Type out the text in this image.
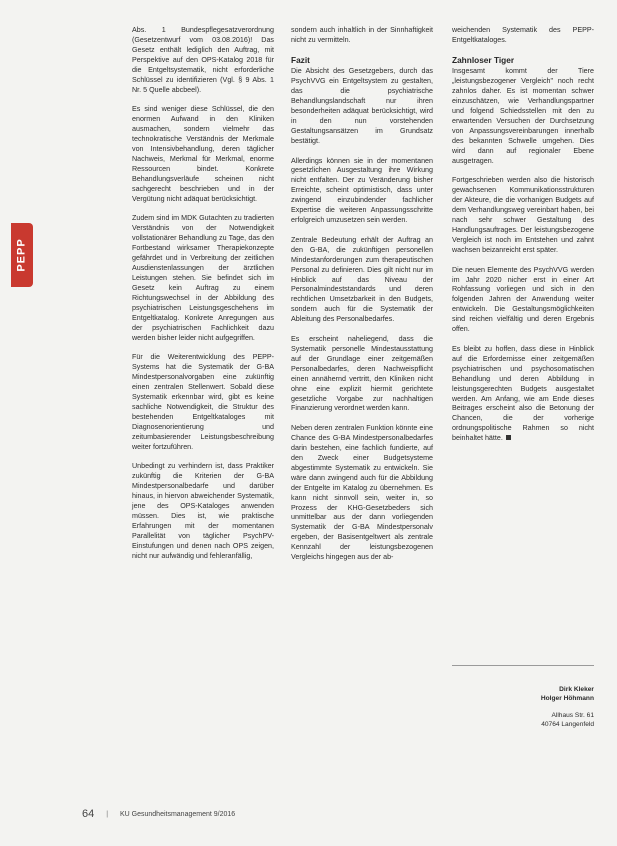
PEPP

Abs. 1 Bundespflegesatzverordnung (Gesetzentwurf vom 03.08.2016)! Das Gesetz enthält lediglich den Auftrag, mit Perspektive auf den OPS-Katalog 2018 für die Entgeltsystematik, nicht erforderliche Schlüssel zu identifizieren (Vgl. § 9 Abs. 1 Nr. 5 Quelle abcbeel).

Es sind weniger diese Schlüssel, die den enormen Aufwand in den Kliniken ausmachen, sondern vielmehr das technokratische Verständnis der Merkmale von Intensivbehandlung, deren täglicher Nachweis, Merkmal für Merkmal, enorme Ressourcen bindet. Konkrete Behandlungsverläufe scheinen nicht sachgerecht beschrieben und in der Vergütung nicht adäquat berücksichtigt.

Zudem sind im MDK Gutachten zu tradierten Verständnis von der Notwendigkeit vollstationärer Behandlung zu Tage, das den Fortbestand wirksamer Therapiekonzepte gefährdet und in Verbreitung der zeitlichen Ausdienstenlassungen der ärztlichen Leistungen stehen. Sie befindet sich im Gesetz kein Auftrag zu einem Richtungswechsel in der Abbildung des psychiatrischen Leistungsgeschehens im Entgeltkatalog. Konkrete Anregungen aus der psychiatrischen Fachlichkeit dazu werden bisher leider nicht aufgegriffen.

Für die Weiterentwicklung des PEPP-Systems hat die Systematik der G-BA Mindestpersonalvorgaben eine zukünftig einen zentralen Stellenwert. Sobald diese Systematik erkennbar wird, gibt es keine sachliche Notwendigkeit, die Struktur des bestehenden Entgeltkataloges mit Diagnosenorientierung und zeitumbasierender Leistungsbeschreibung weiter fortzuführen.

Unbedingt zu verhindern ist, dass Praktiker zukünftig die Kriterien der G-BA Mindestpersonalbedarfe und darüber hinaus, in hiervon abweichender Systematik, jene des OPS-Kataloges anwenden müssen. Dies ist, wie praktische Erfahrungen mit der momentanen Parallelität von täglicher PsychPV-Einstufungen und denen nach OPS zeigen, nicht nur aufwändig und fehleranfällig,

sondern auch inhaltlich in der Sinnhaftigkeit nicht zu vermitteln.

Fazit

Die Absicht des Gesetzgebers, durch das PsychVVG ein Entgeltsystem zu gestalten, das die psychiatrische Behandlungslandschaft nur ihren besonderheiten adäquat berücksichtigt, wird in den nun vorstehenden Gestaltungsansätzen im Grundsatz bestätigt.

Allerdings können sie in der momentanen gesetzlichen Ausgestaltung ihre Wirkung nicht entfalten. Der zu Veränderung bisher Erreichte, scheint optimistisch, dass unter zwingend einzubindender fachlicher Expertise die weiteren Anpassungsschritte erfolgreich umzusetzen sein werden.

Zentrale Bedeutung erhält der Auftrag an den G-BA, die zukünftigen personellen Mindestanforderungen zum therapeutischen Personal zu definieren. Dies gilt nicht nur im Hinblick auf das Niveau der Personalmindeststandards und deren rechtlichen Umsetzbarkeit in den Budgets, sondern auch für die Systematik der Ableitung des Personalbedarfes.

Es erscheint naheliegend, dass die Systematik personelle Mindestausstattung auf der Grundlage einer zeitgemäßen Personalbedarfes, deren Nachweispflicht einen annähernd vertritt, den Kliniken nicht ohne eine explizit hiermit gerichtete gesetzliche Vorgabe zur nachhaltigen Finanzierung verordnet werden kann.

Neben deren zentralen Funktion könnte eine Chance des G-BA Mindestpersonalbedarfes darin bestehen, eine fachlich fundierte, auf den Zweck einer Budgetsysteme abgestimmte Systematik zu entwickeln. Sie wäre dann zwingend auch für die Abbildung der Entgelte im Katalog zu übernehmen. Es kann nicht sinnvoll sein, weiter in, so Prozess der KHG-Gesetzbeders sich unmittelbar aus der dann vorliegenden Systematik der G-BA Mindestpersonalv ergeben, der Basisentgeltwert als zentrale Kennzahl der leistungsbezogenen Vergleichs hingegen aus der ab-

weichenden Systematik des PEPP-Entgeltkataloges.

Zahnloser Tiger

Insgesamt kommt der Tiere „leistungsbezogener Vergleich" noch recht zahnlos daher. Es ist momentan schwer einzuschätzen, wie Verhandlungspartner und folgend Schiedsstellen mit den zu erwartenden Versuchen der Durchsetzung von Anpassungsvereinbarungen innerhalb des bekannten Schwelle umgehen. Dies wird dann auf regionaler Ebene ausgetragen.

Fortgeschrieben werden also die historisch gewachsenen Kommunikationsstrukturen der Akteure, die die vorhanigen Budgets auf dem Verhandlungsweg vereinbart haben, bei nach sehr schwer Gestaltung des Handlungsauftrages. Der leistungsbezogene Vergleich ist noch im Entstehen und zahnt wachsen beizanreicht erst später.

Die neuen Elemente des PsychVVG werden im Jahr 2020 nicher erst in einer Art Rohfassung vorliegen und sich in den folgenden Jahren der Anwendung weiter entwickeln. Die Gestaltungsmöglichkeiten sind reichen vielfältig und deren Ergebnis offen.

Es bleibt zu hoffen, dass diese in Hinblick auf die Erfordernisse einer zeitgemäßen psychiatrischen und psychosomatischen Behandlung und deren Abbildung in leistungsgerechten Budgets ausgestaltet werden. Am Anfang, wie am Ende dieses Beitrages erscheint also die Betonung der Chancen, die der vorherige ordnungspolitische Rahmen so nicht beinhaltet hätte.

Dirk Kleker
Holger Höhmann
Allhaus Str. 61
40764 Langenfeld
64 | KU Gesundheitsmanagement 9/2016
